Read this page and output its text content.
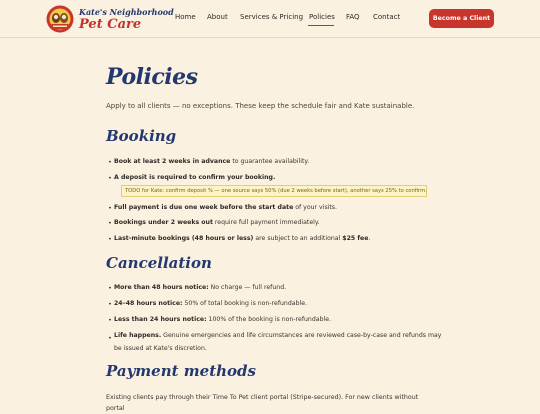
Kate's Neighborhood
Pet Care	Home About Services & Pricing Policies FAQ Contact	Become a Client
Policies
Apply to all clients — no exceptions. These keep the schedule fair and Kate sustainable.
Booking
• Book at least 2 weeks in advance to guarantee availability.
• A deposit is required to confirm your booking.
TODO for Kate: confirm deposit % — one source says 50% (due 2 weeks before start), another says 25% to confirm.
• Full payment is due one week before the start date of your visits.
• Bookings under 2 weeks out require full payment immediately.
• Last-minute bookings (48 hours or less) are subject to an additional $25 fee.
Cancellation
• More than 48 hours notice: No charge — full refund.
• 24–48 hours notice: 50% of total booking is non-refundable.
• Less than 24 hours notice: 100% of the booking is non-refundable.
• Life happens. Genuine emergencies and life circumstances are reviewed case-by-case and refunds may be issued at Kate's discretion.
Payment methods
Existing clients pay through their Time To Pet client portal (Stripe-secured). For new clients without portal
